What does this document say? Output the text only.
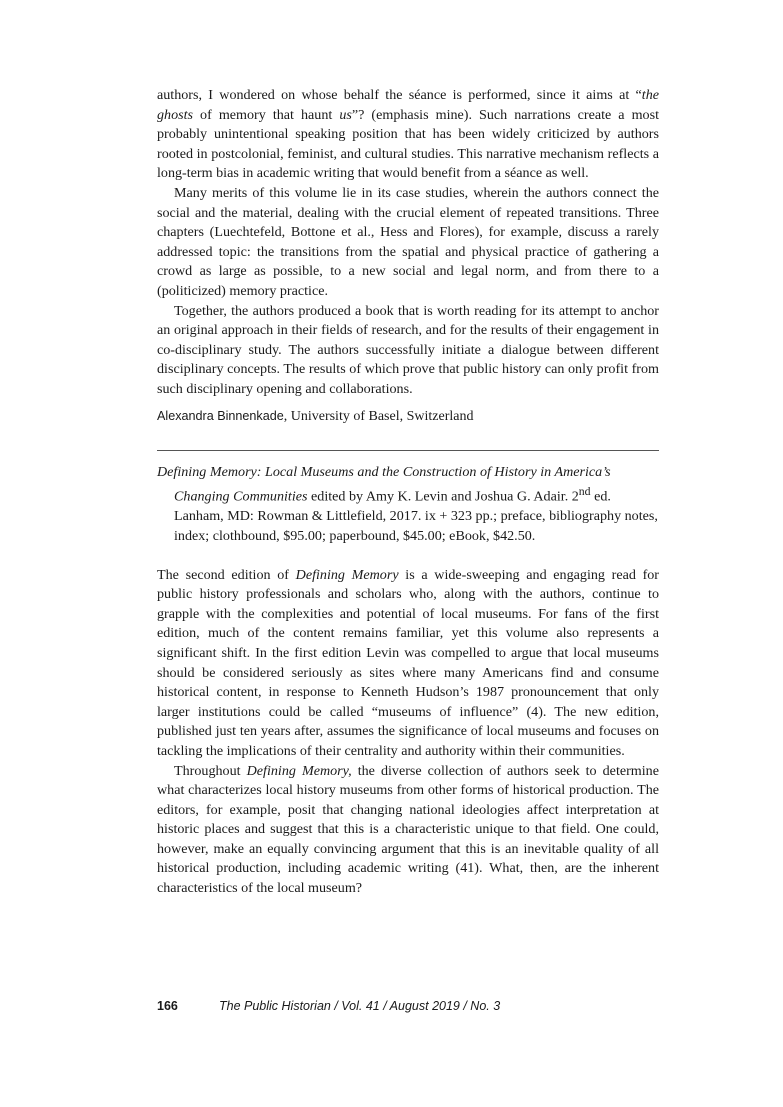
authors, I wondered on whose behalf the séance is performed, since it aims at “the ghosts of memory that haunt us”? (emphasis mine). Such narrations create a most probably unintentional speaking position that has been widely criticized by authors rooted in postcolonial, feminist, and cultural studies. This narrative mechanism reflects a long-term bias in academic writing that would benefit from a séance as well.

Many merits of this volume lie in its case studies, wherein the authors connect the social and the material, dealing with the crucial element of repeated transitions. Three chapters (Luechtefeld, Bottone et al., Hess and Flores), for example, discuss a rarely addressed topic: the transitions from the spatial and physical practice of gathering a crowd as large as possible, to a new social and legal norm, and from there to a (politicized) memory practice.

Together, the authors produced a book that is worth reading for its attempt to anchor an original approach in their fields of research, and for the results of their engagement in co-disciplinary study. The authors successfully initiate a dialogue between different disciplinary concepts. The results of which prove that public history can only profit from such disciplinary opening and collaborations.

Alexandra Binnenkade, University of Basel, Switzerland

Defining Memory: Local Museums and the Construction of History in America’s Changing Communities edited by Amy K. Levin and Joshua G. Adair. 2nd ed. Lanham, MD: Rowman & Littlefield, 2017. ix + 323 pp.; preface, bibliography notes, index; clothbound, $95.00; paperbound, $45.00; eBook, $42.50.

The second edition of Defining Memory is a wide-sweeping and engaging read for public history professionals and scholars who, along with the authors, continue to grapple with the complexities and potential of local museums. For fans of the first edition, much of the content remains familiar, yet this volume also represents a significant shift. In the first edition Levin was compelled to argue that local museums should be considered seriously as sites where many Americans find and consume historical content, in response to Kenneth Hudson’s 1987 pronouncement that only larger institutions could be called “museums of influence” (4). The new edition, published just ten years after, assumes the significance of local museums and focuses on tackling the implications of their centrality and authority within their communities.

Throughout Defining Memory, the diverse collection of authors seek to determine what characterizes local history museums from other forms of historical production. The editors, for example, posit that changing national ideologies affect interpretation at historic places and suggest that this is a characteristic unique to that field. One could, however, make an equally convincing argument that this is an inevitable quality of all historical production, including academic writing (41). What, then, are the inherent characteristics of the local museum?

166	The Public Historian / Vol. 41 / August 2019 / No. 3
